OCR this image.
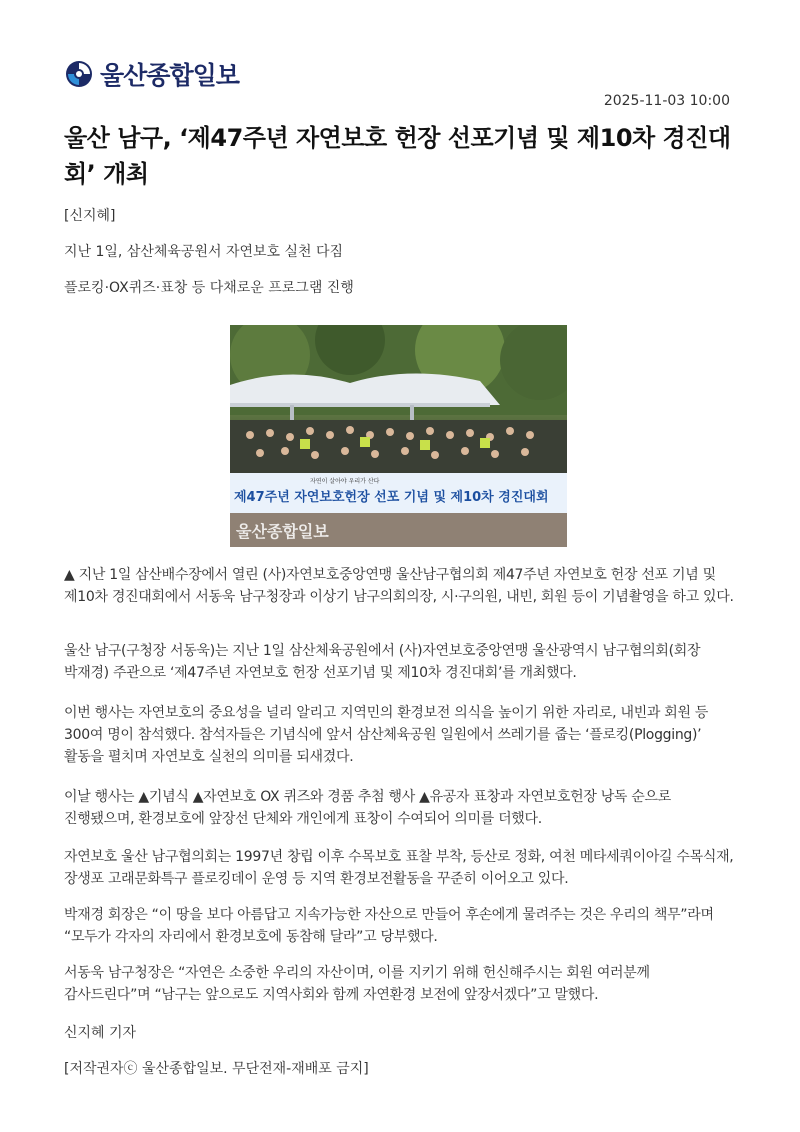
울산종합일보
2025-11-03 10:00
울산 남구, ‘제47주년 자연보호 헌장 선포기념 및 제10차 경진대회’ 개최
[신지혜]
지난 1일, 삼산체육공원서 자연보호 실천 다짐
플로킹·OX퀴즈·표창 등 다채로운 프로그램 진행
자연이 살아야 우리가 산다
제47주년 자연보호헌장 선포 기념 및 제10차 경진대회
울산종합일보

▲ 지난 1일 삼산배수장에서 열린 (사)자연보호중앙연맹 울산남구협의회 제47주년 자연보호 헌장 선포 기념 및 제10차 경진대회에서 서동욱 남구청장과 이상기 남구의회의장, 시·구의원, 내빈, 회원 등이 기념촬영을 하고 있다.

울산 남구(구청장 서동욱)는 지난 1일 삼산체육공원에서 (사)자연보호중앙연맹 울산광역시 남구협의회(회장 박재경) 주관으로 ‘제47주년 자연보호 헌장 선포기념 및 제10차 경진대회’를 개최했다.

이번 행사는 자연보호의 중요성을 널리 알리고 지역민의 환경보전 의식을 높이기 위한 자리로, 내빈과 회원 등 300여 명이 참석했다. 참석자들은 기념식에 앞서 삼산체육공원 일원에서 쓰레기를 줍는 ‘플로킹(Plogging)’ 활동을 펼치며 자연보호 실천의 의미를 되새겼다.

이날 행사는 ▲기념식 ▲자연보호 OX 퀴즈와 경품 추첨 행사 ▲유공자 표창과 자연보호헌장 낭독 순으로 진행됐으며, 환경보호에 앞장선 단체와 개인에게 표창이 수여되어 의미를 더했다.

자연보호 울산 남구협의회는 1997년 창립 이후 수목보호 표찰 부착, 등산로 정화, 여천 메타세쿼이아길 수목식재, 장생포 고래문화특구 플로킹데이 운영 등 지역 환경보전활동을 꾸준히 이어오고 있다.

박재경 회장은 “이 땅을 보다 아름답고 지속가능한 자산으로 만들어 후손에게 물려주는 것은 우리의 책무”라며 “모두가 각자의 자리에서 환경보호에 동참해 달라”고 당부했다.

서동욱 남구청장은 “자연은 소중한 우리의 자산이며, 이를 지키기 위해 헌신해주시는 회원 여러분께 감사드린다”며 “남구는 앞으로도 지역사회와 함께 자연환경 보전에 앞장서겠다”고 말했다.

신지혜 기자
[저작권자ⓒ 울산종합일보. 무단전재-재배포 금지]
